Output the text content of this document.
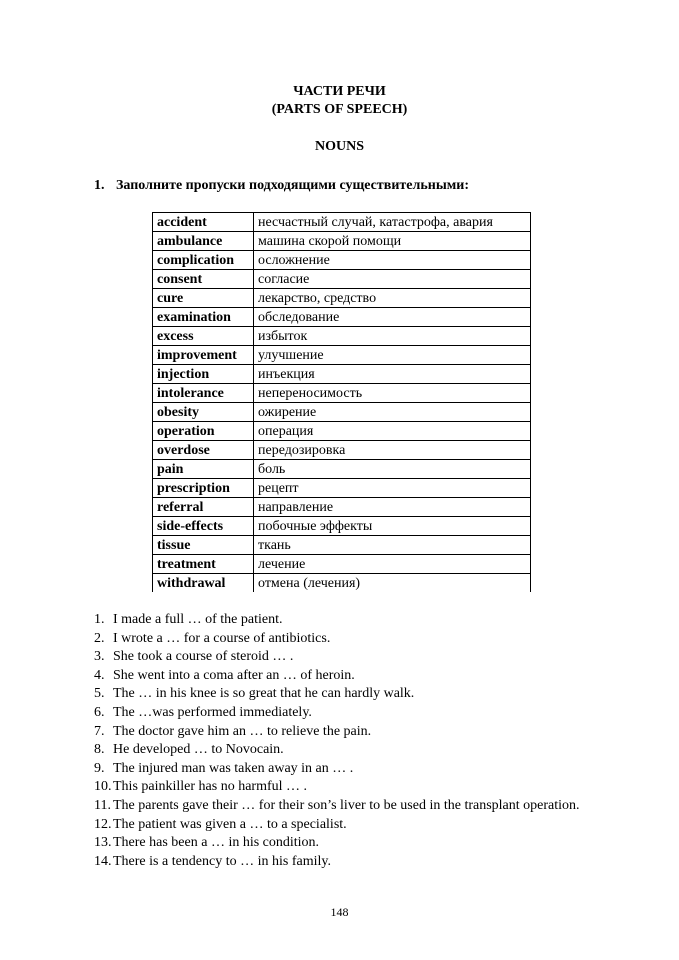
ЧАСТИ РЕЧИ
(PARTS OF SPEECH)
NOUNS
1. Заполните пропуски подходящими существительными:
accident	несчастный случай, катастрофа, авария
ambulance	машина скорой помощи
complication	осложнение
consent	согласие
cure	лекарство, средство
examination	обследование
excess	избыток
improvement	улучшение
injection	инъекция
intolerance	непереносимость
obesity	ожирение
operation	операция
overdose	передозировка
pain	боль
prescription	рецепт
referral	направление
side-effects	побочные эффекты
tissue	ткань
treatment	лечение
withdrawal	отмена (лечения)
1. I made a full … of the patient.
2. I wrote a … for a course of antibiotics.
3. She took a course of steroid … .
4. She went into a coma after an … of heroin.
5. The … in his knee is so great that he can hardly walk.
6. The …was performed immediately.
7. The doctor gave him an … to relieve the pain.
8. He developed … to Novocain.
9. The injured man was taken away in an … .
10. This painkiller has no harmful … .
11. The parents gave their … for their son’s liver to be used in the transplant operation.
12. The patient was given a … to a specialist.
13. There has been a … in his condition.
14. There is a tendency to … in his family.
148
